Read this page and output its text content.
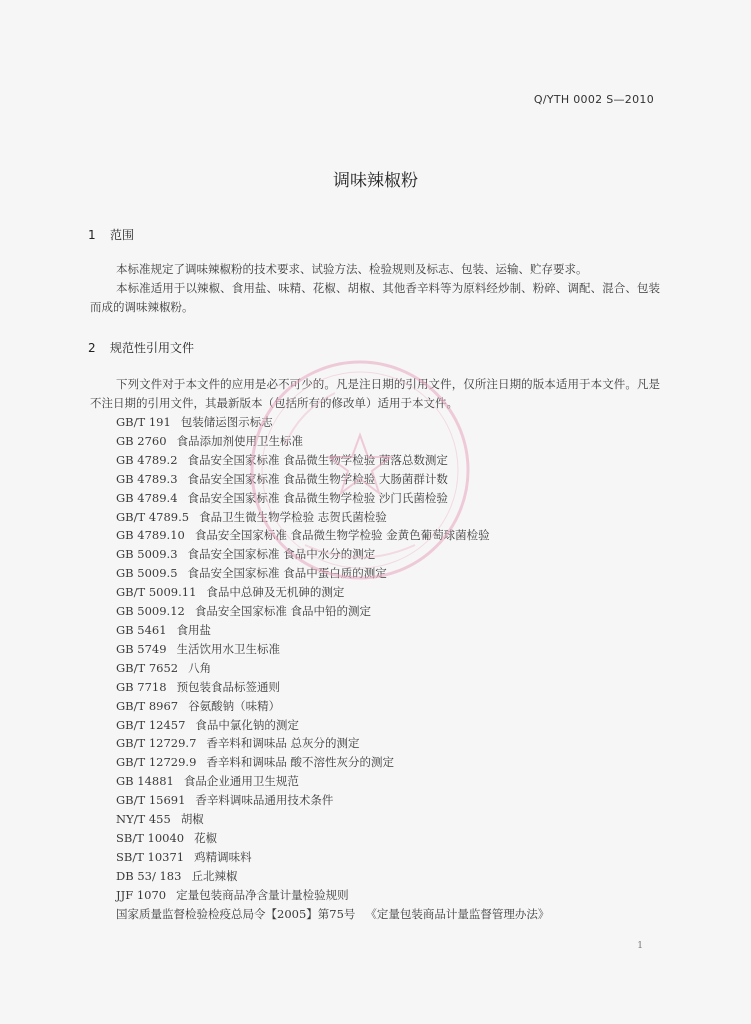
Q/YTH 0002 S—2010
调味辣椒粉
1 范围

本标准规定了调味辣椒粉的技术要求、试验方法、检验规则及标志、包装、运输、贮存要求。

本标准适用于以辣椒、食用盐、味精、花椒、胡椒、其他香辛料等为原料经炒制、粉碎、调配、混合、包装而成的调味辣椒粉。

2 规范性引用文件

下列文件对于本文件的应用是必不可少的。凡是注日期的引用文件，仅所注日期的版本适用于本文件。凡是不注日期的引用文件，其最新版本（包括所有的修改单）适用于本文件。

GB/T 191 包装储运图示标志
GB 2760 食品添加剂使用卫生标准
GB 4789.2 食品安全国家标准 食品微生物学检验 菌落总数测定
GB 4789.3 食品安全国家标准 食品微生物学检验 大肠菌群计数
GB 4789.4 食品安全国家标准 食品微生物学检验 沙门氏菌检验
GB/T 4789.5 食品卫生微生物学检验 志贺氏菌检验
GB 4789.10 食品安全国家标准 食品微生物学检验 金黄色葡萄球菌检验
GB 5009.3 食品安全国家标准 食品中水分的测定
GB 5009.5 食品安全国家标准 食品中蛋白质的测定
GB/T 5009.11 食品中总砷及无机砷的测定
GB 5009.12 食品安全国家标准 食品中铅的测定
GB 5461 食用盐
GB 5749 生活饮用水卫生标准
GB/T 7652 八角
GB 7718 预包装食品标签通则
GB/T 8967 谷氨酸钠（味精）
GB/T 12457 食品中氯化钠的测定
GB/T 12729.7 香辛料和调味品 总灰分的测定
GB/T 12729.9 香辛料和调味品 酸不溶性灰分的测定
GB 14881 食品企业通用卫生规范
GB/T 15691 香辛料调味品通用技术条件
NY/T 455 胡椒
SB/T 10040 花椒
SB/T 10371 鸡精调味料
DB 53/ 183 丘北辣椒
JJF 1070 定量包装商品净含量计量检验规则
国家质量监督检验检疫总局令【2005】第75号 《定量包装商品计量监督管理办法》
1
